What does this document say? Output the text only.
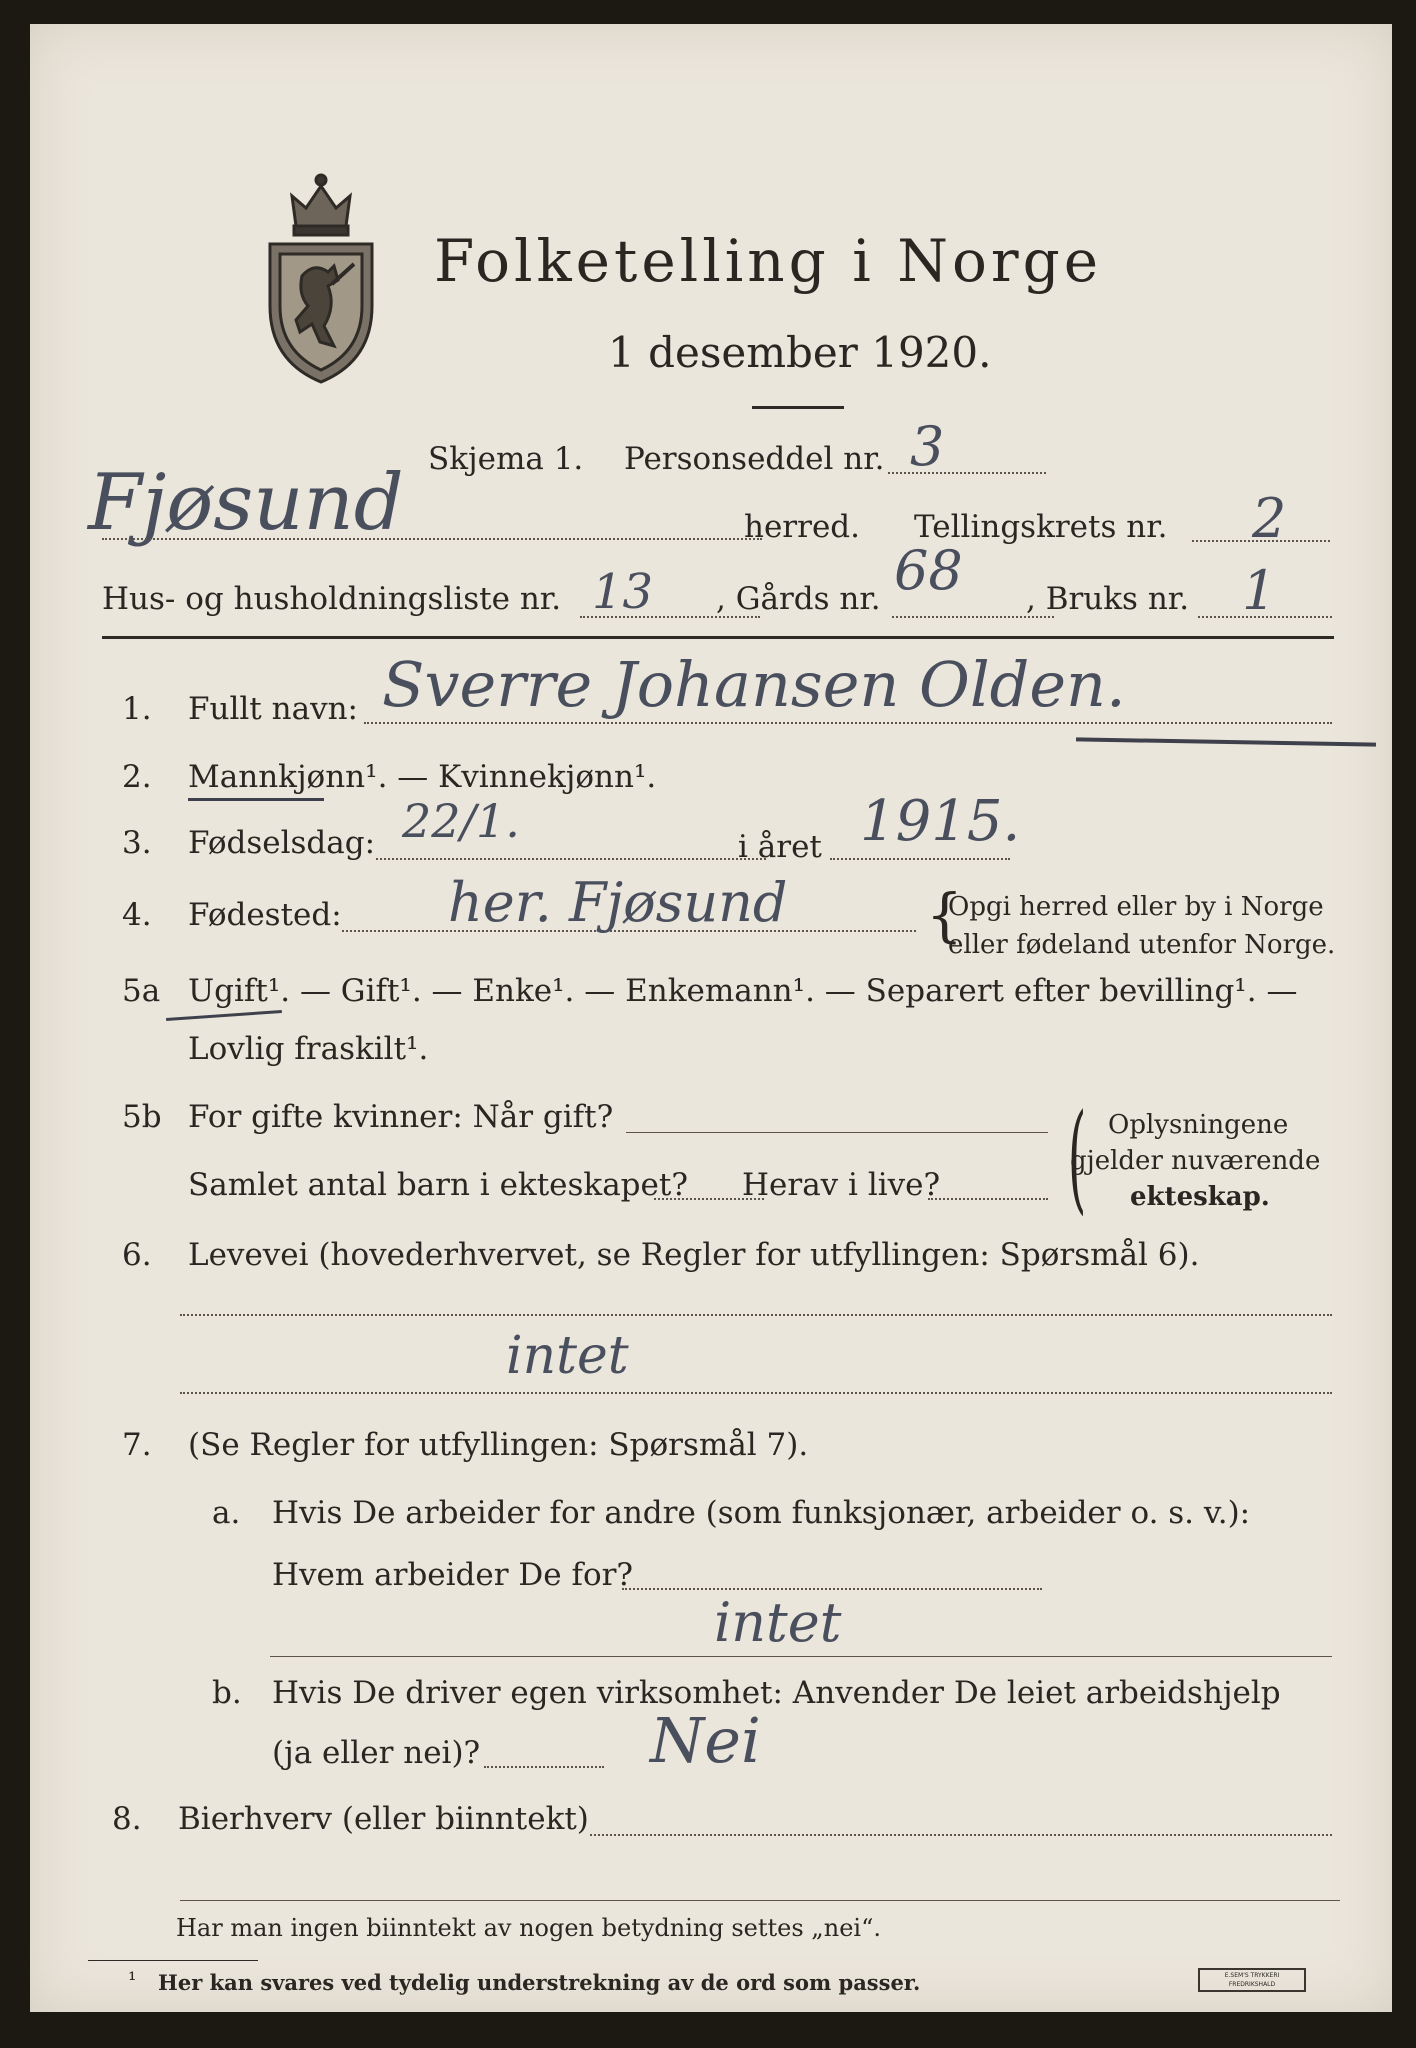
Folketelling i Norge
1 desember 1920.
Skjema 1. Personseddel nr. 3
Fjøsund	herred. Tellingskrets nr. 2
Hus- og husholdningsliste nr. 13 , Gårds nr. 68 , Bruks nr. 1
1. Fullt navn: Sverre Johansen Olden.
2. Mannkjønn¹. — Kvinnekjønn¹.
3. Fødselsdag: 22/1.	i året 1915.
4. Fødested: her. Fjøsund {
Opgi herred eller by i Norge
eller fødeland utenfor Norge.
5a Ugift¹. — Gift¹. — Enke¹. — Enkemann¹. — Separert efter bevilling¹. —
Lovlig fraskilt¹.
5b For gifte kvinner: Når gift?
Samlet antal barn i ekteskapet? Herav i live? ( Oplysningene
gjelder nuværende
ekteskap.
6. Levevei (hovederhvervet, se Regler for utfyllingen: Spørsmål 6).
intet
7. (Se Regler for utfyllingen: Spørsmål 7).
a. Hvis De arbeider for andre (som funksjonær, arbeider o. s. v.):
Hvem arbeider De for?
intet
b. Hvis De driver egen virksomhet: Anvender De leiet arbeidshjelp
(ja eller nei)?	Nei
8. Bierhverv (eller biinntekt)
Har man ingen biinntekt av nogen betydning settes „nei“.
¹ Her kan svares ved tydelig understrekning av de ord som passer.	E.SEM'S TRYKKERI FREDRIKSHALD
